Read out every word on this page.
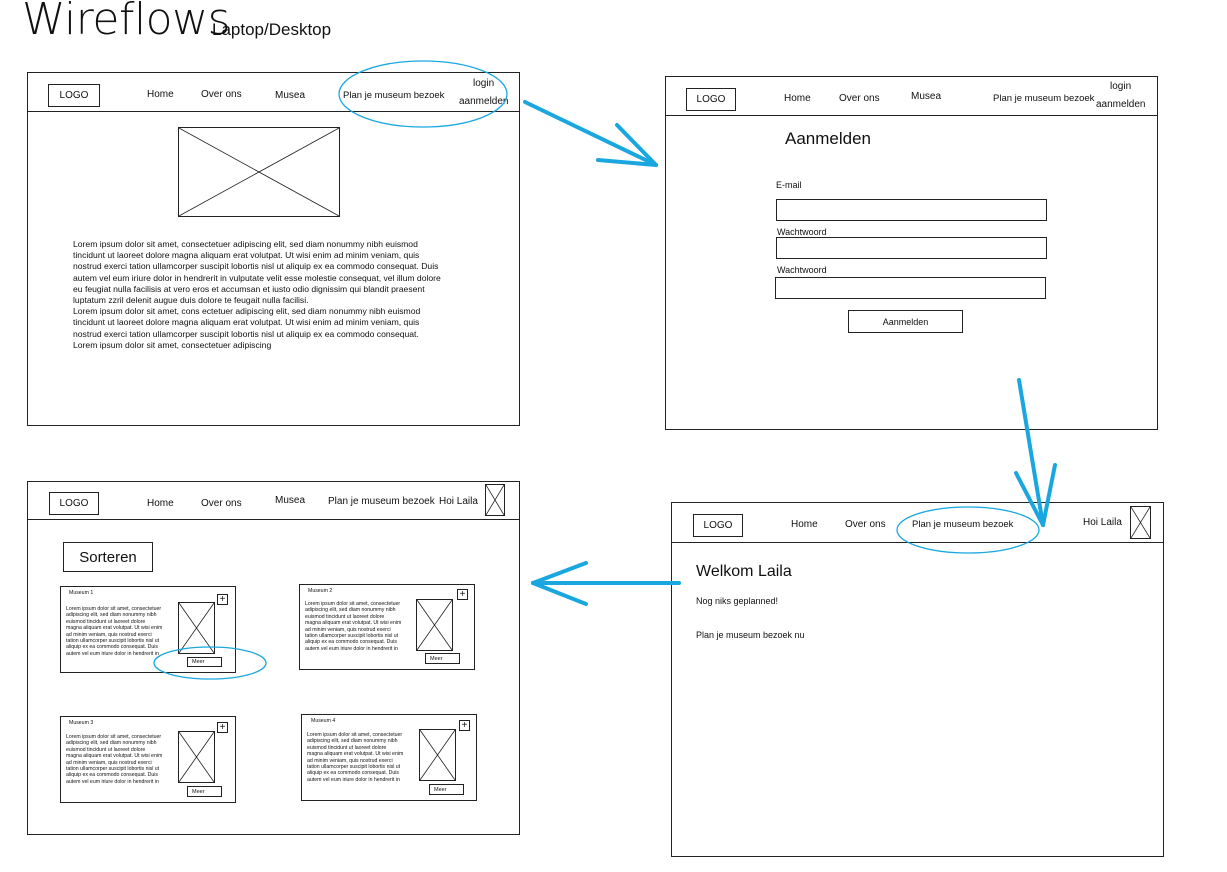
Wireflows
Laptop/Desktop
LOGO	Home	Over ons	Musea	Plan je museum bezoek
login
aanmelden
Lorem ipsum dolor sit amet, consectetuer adipiscing elit, sed diam nonummy nibh euismod
tincidunt ut laoreet dolore magna aliquam erat volutpat. Ut wisi enim ad minim veniam, quis
nostrud exerci tation ullamcorper suscipit lobortis nisl ut aliquip ex ea commodo consequat. Duis
autem vel eum iriure dolor in hendrerit in vulputate velit esse molestie consequat, vel illum dolore
eu feugiat nulla facilisis at vero eros et accumsan et iusto odio dignissim qui blandit praesent
luptatum zzril delenit augue duis dolore te feugait nulla facilisi.
Lorem ipsum dolor sit amet, cons ectetuer adipiscing elit, sed diam nonummy nibh euismod
tincidunt ut laoreet dolore magna aliquam erat volutpat. Ut wisi enim ad minim veniam, quis
nostrud exerci tation ullamcorper suscipit lobortis nisl ut aliquip ex ea commodo consequat.
Lorem ipsum dolor sit amet, consectetuer adipiscing
LOGO	Home	Over ons	Musea	Plan je museum bezoek
login
aanmelden
Aanmelden
E-mail
Wachtwoord
Wachtwoord
Aanmelden
LOGO	Home	Over ons	Plan je museum bezoek	Hoi Laila
Welkom Laila
Nog niks geplanned!
Plan je museum bezoek nu
LOGO	Home	Over ons	Musea Plan je museum bezoek Hoi Laila
Sorteren
Museum 1
+
Lorem ipsum dolor sit amet, consectetuer
adipiscing elit, sed diam nonummy nibh
euismod tincidunt ut laoreet dolore
magna aliquam erat volutpat. Ut wisi enim
ad minim veniam, quis nostrud exerci
tation ullamcorper suscipit lobortis nisl ut
aliquip ex ea commodo consequat. Duis
autem vel eum iriure dolor in hendrerit in
Meer
Museum 2	+
Lorem ipsum dolor sit amet, consectetuer
adipiscing elit, sed diam nonummy nibh
euismod tincidunt ut laoreet dolore
magna aliquam erat volutpat. Ut wisi enim
ad minim veniam, quis nostrud exerci
tation ullamcorper suscipit lobortis nisl ut
aliquip ex ea commodo consequat. Duis
autem vel eum iriure dolor in hendrerit in
Meer
Museum 3	+
Lorem ipsum dolor sit amet, consectetuer
adipiscing elit, sed diam nonummy nibh
euismod tincidunt ut laoreet dolore
magna aliquam erat volutpat. Ut wisi enim
ad minim veniam, quis nostrud exerci
tation ullamcorper suscipit lobortis nisl ut
aliquip ex ea commodo consequat. Duis
autem vel eum iriure dolor in hendrerit in
Meer
Museum 4	+
Lorem ipsum dolor sit amet, consectetuer
adipiscing elit, sed diam nonummy nibh
euismod tincidunt ut laoreet dolore
magna aliquam erat volutpat. Ut wisi enim
ad minim veniam, quis nostrud exerci
tation ullamcorper suscipit lobortis nisl ut
aliquip ex ea commodo consequat. Duis
autem vel eum iriure dolor in hendrerit in
Meer
